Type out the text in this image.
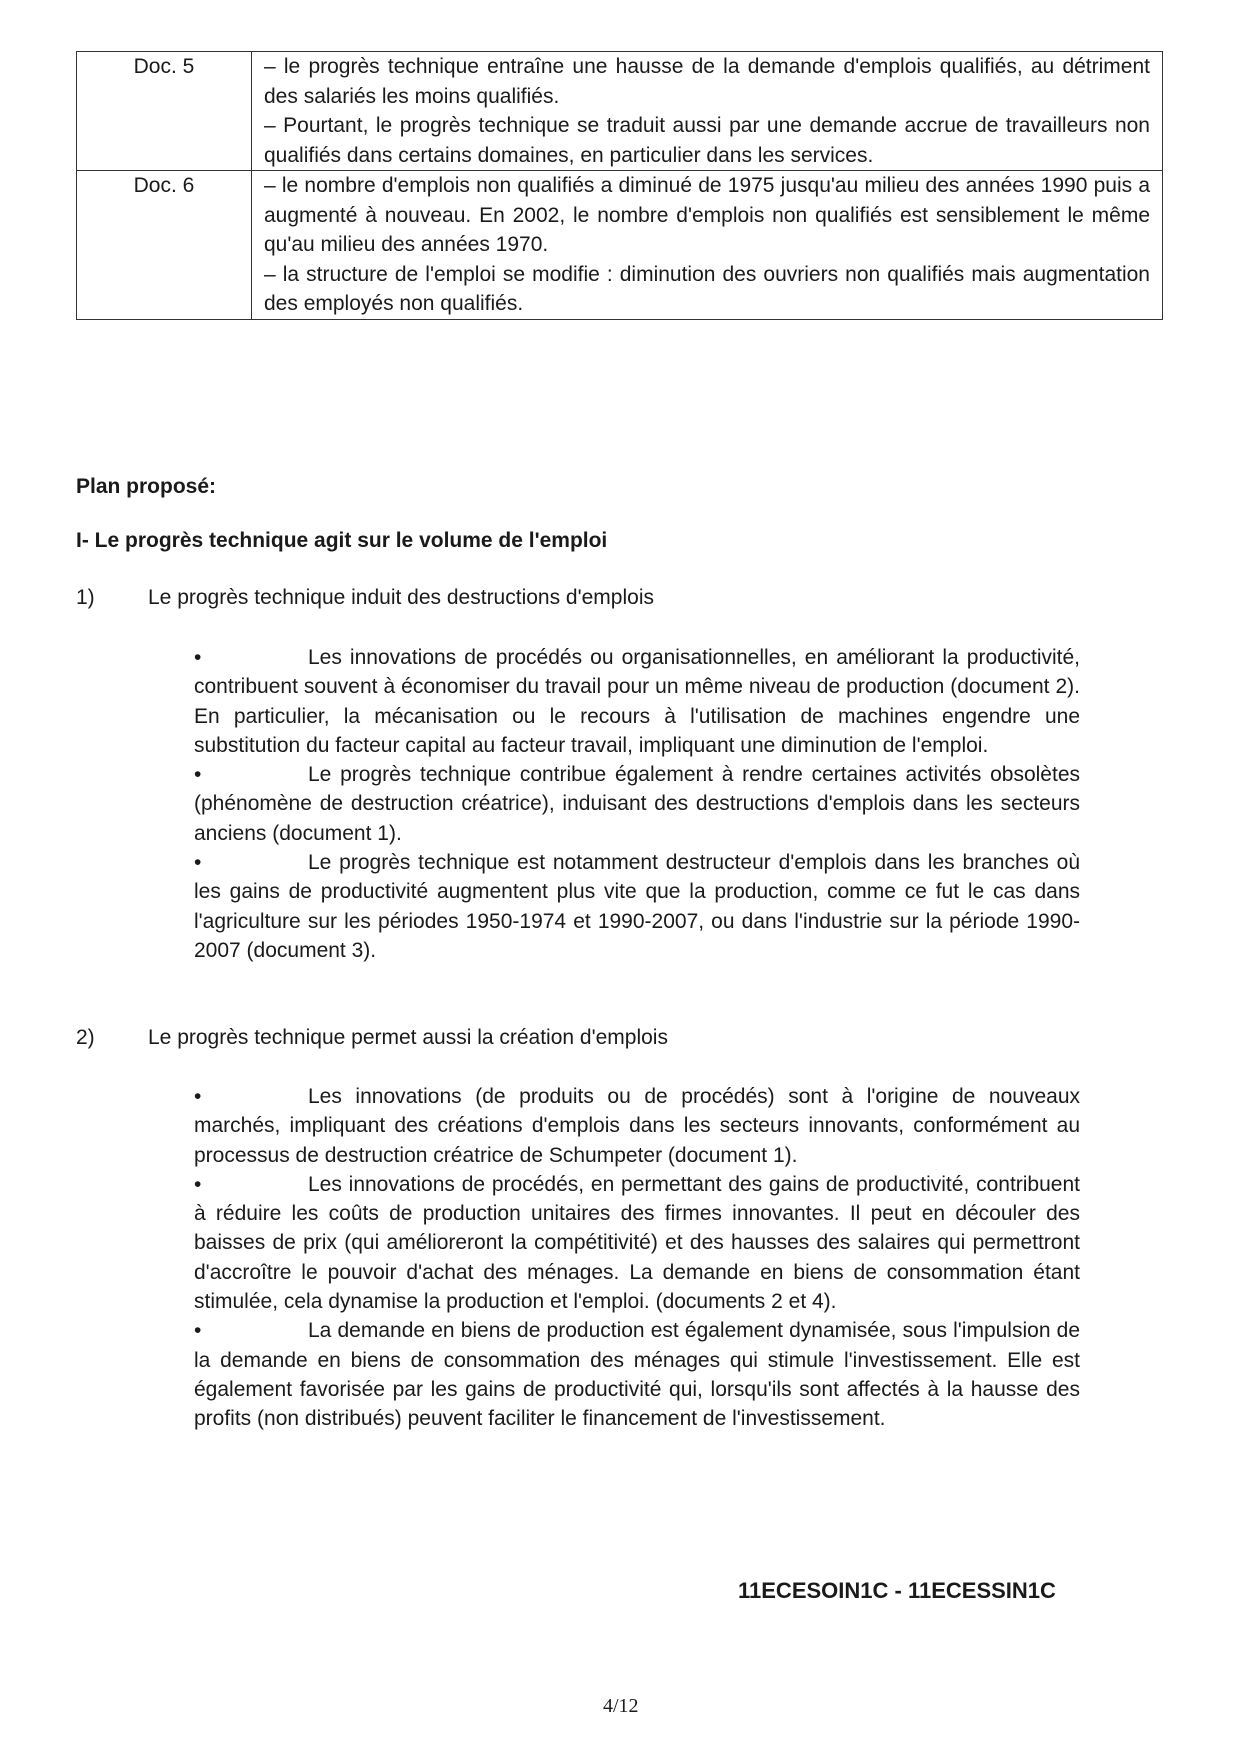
Doc. 5	– le progrès technique entraîne une hausse de la demande d'emplois qualifiés, au détriment des salariés les moins qualifiés.

– Pourtant, le progrès technique se traduit aussi par une demande accrue de travailleurs non qualifiés dans certains domaines, en particulier dans les services.

Doc. 6	– le nombre d'emplois non qualifiés a diminué de 1975 jusqu'au milieu des années 1990 puis a augmenté à nouveau. En 2002, le nombre d'emplois non qualifiés est sensiblement le même qu'au milieu des années 1970.

– la structure de l'emploi se modifie : diminution des ouvriers non qualifiés mais augmentation des employés non qualifiés.

Plan proposé:
I- Le progrès technique agit sur le volume de l'emploi
1)	Le progrès technique induit des destructions d'emplois

•	Les innovations de procédés ou organisationnelles, en améliorant la productivité, contribuent souvent à économiser du travail pour un même niveau de production (document 2). En particulier, la mécanisation ou le recours à l'utilisation de machines engendre une substitution du facteur capital au facteur travail, impliquant une diminution de l'emploi.

•	Le progrès technique contribue également à rendre certaines activités obsolètes (phénomène de destruction créatrice), induisant des destructions d'emplois dans les secteurs anciens (document 1).

•	Le progrès technique est notamment destructeur d'emplois dans les branches où les gains de productivité augmentent plus vite que la production, comme ce fut le cas dans l'agriculture sur les périodes 1950-1974 et 1990-2007, ou dans l'industrie sur la période 1990-2007 (document 3).

2)	Le progrès technique permet aussi la création d'emplois

•	Les innovations (de produits ou de procédés) sont à l'origine de nouveaux marchés, impliquant des créations d'emplois dans les secteurs innovants, conformément au processus de destruction créatrice de Schumpeter (document 1).

•	Les innovations de procédés, en permettant des gains de productivité, contribuent à réduire les coûts de production unitaires des firmes innovantes. Il peut en découler des baisses de prix (qui amélioreront la compétitivité) et des hausses des salaires qui permettront d'accroître le pouvoir d'achat des ménages. La demande en biens de consommation étant stimulée, cela dynamise la production et l'emploi. (documents 2 et 4).

•	La demande en biens de production est également dynamisée, sous l'impulsion de la demande en biens de consommation des ménages qui stimule l'investissement. Elle est également favorisée par les gains de productivité qui, lorsqu'ils sont affectés à la hausse des profits (non distribués) peuvent faciliter le financement de l'investissement.

11ECESOIN1C - 11ECESSIN1C
4/12
